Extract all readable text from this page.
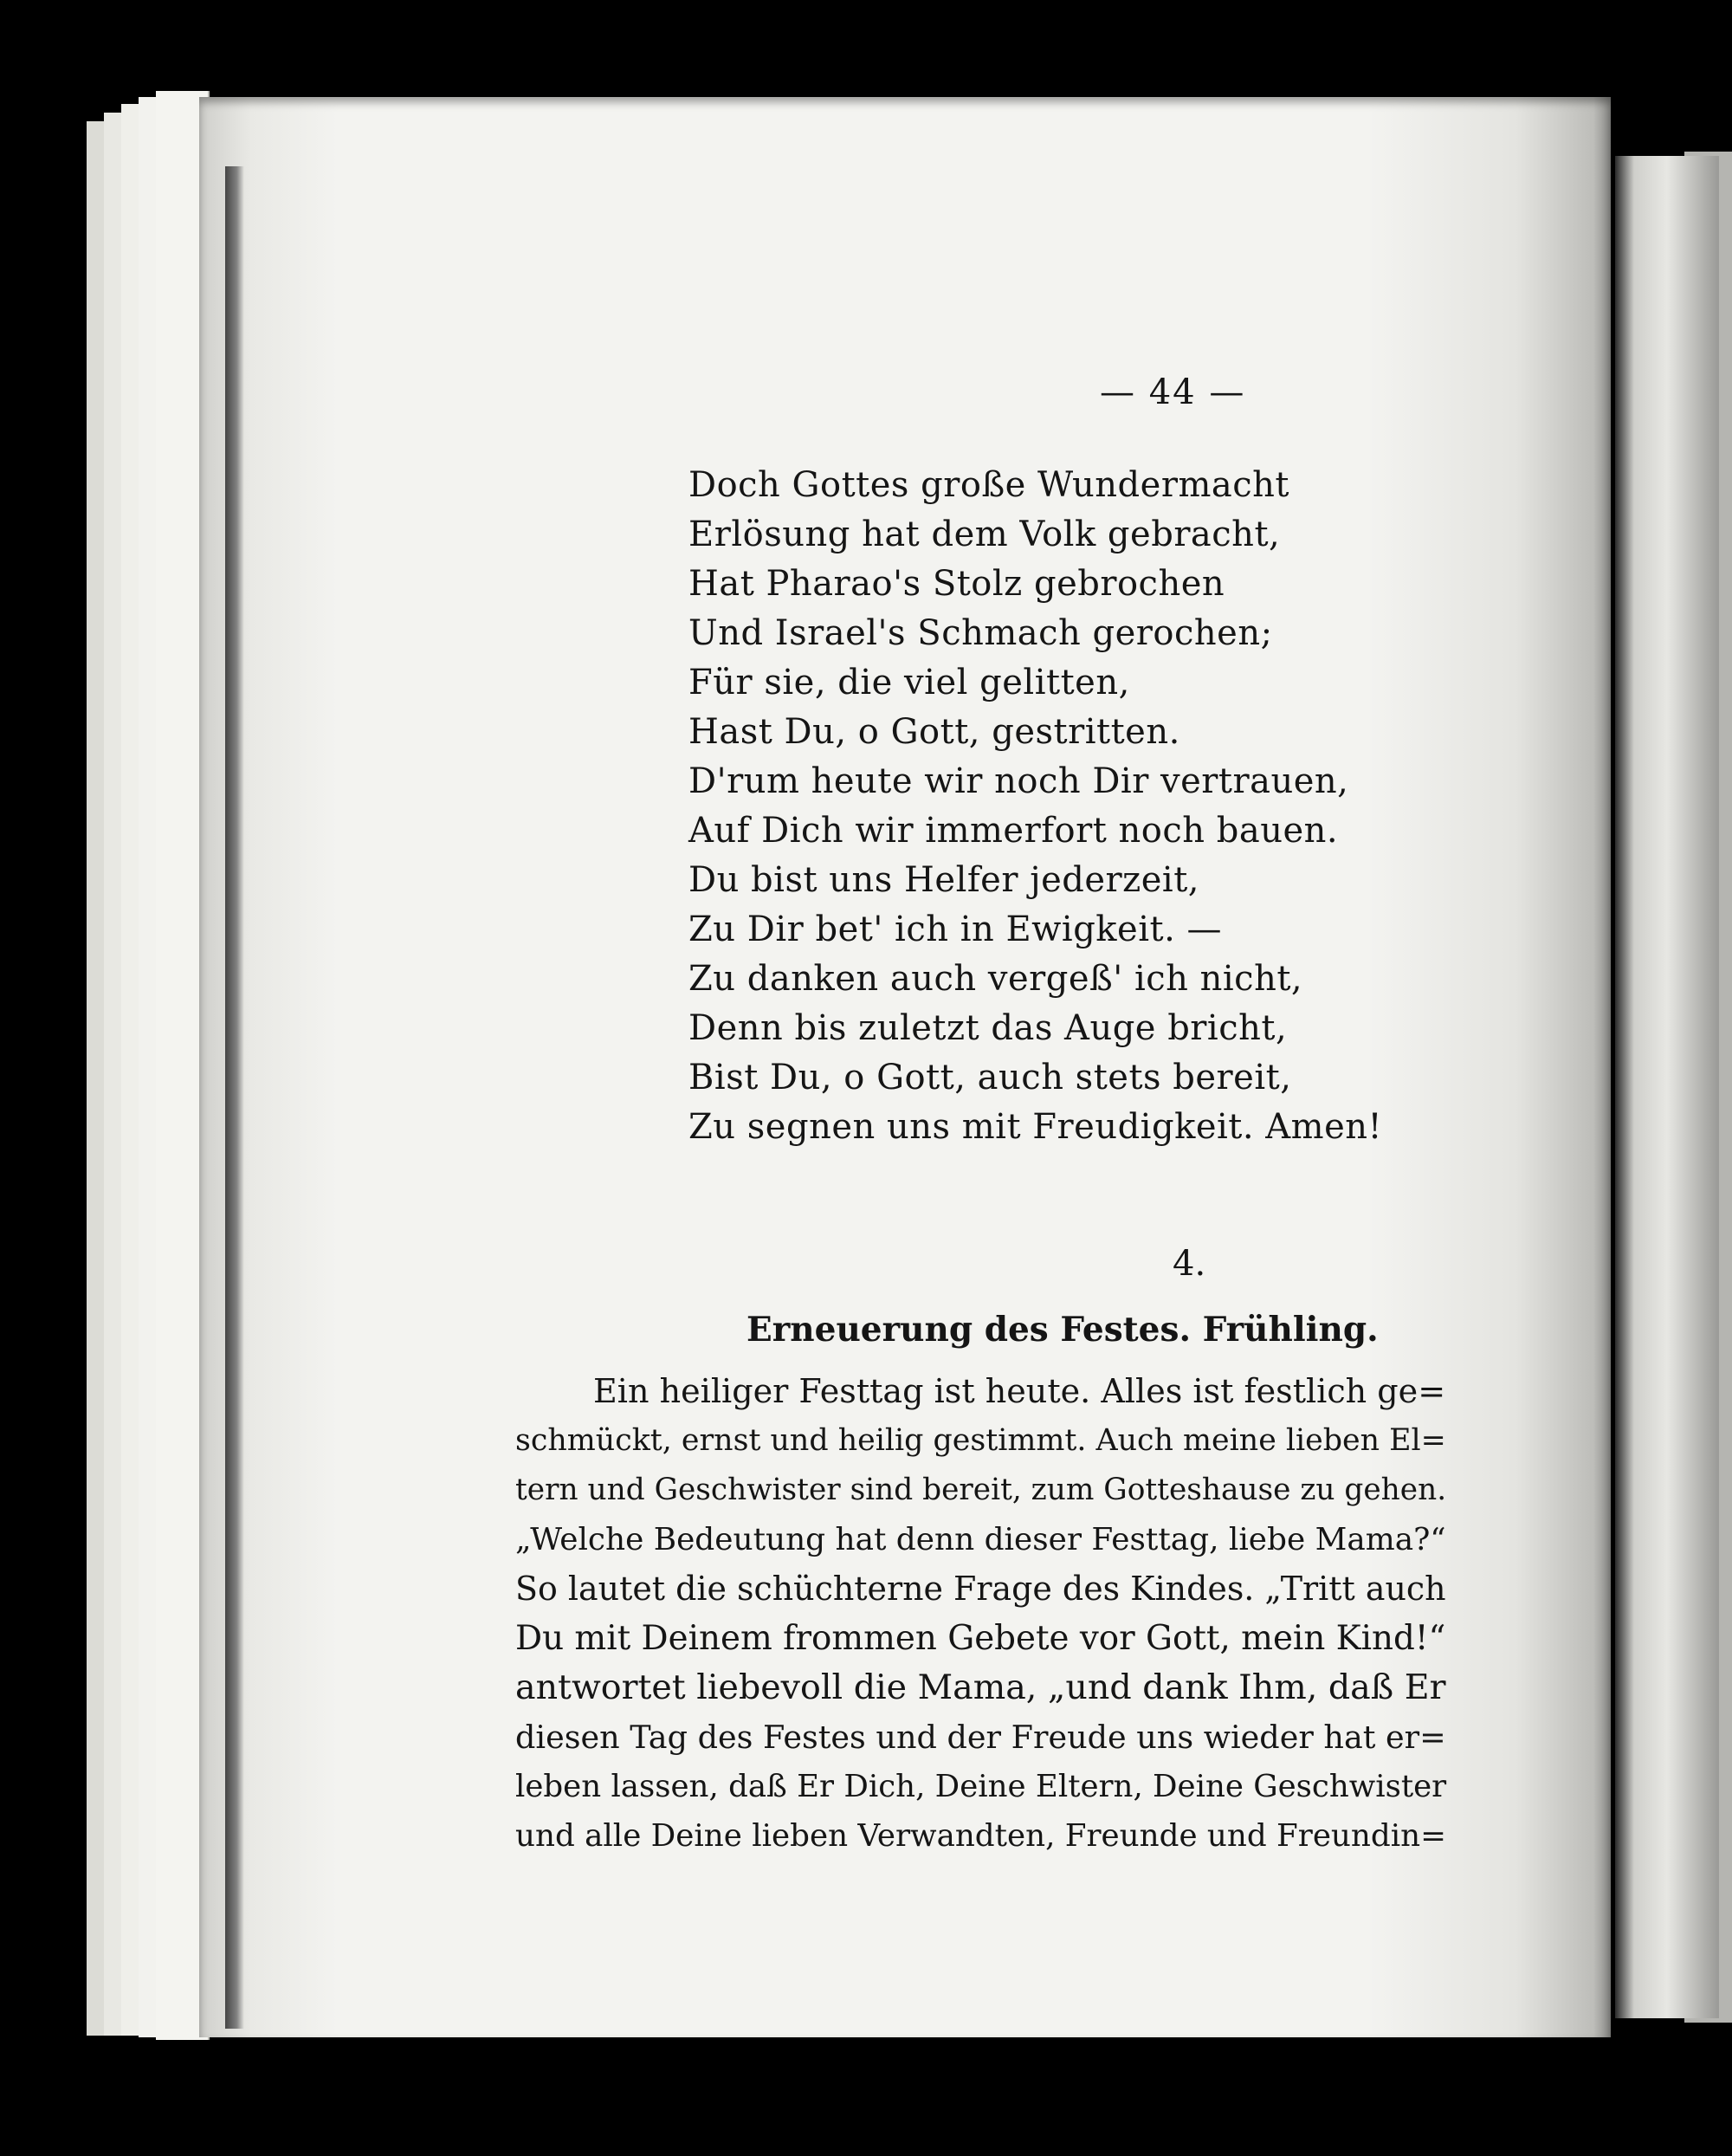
— 44 —
Doch Gottes große Wundermacht
Erlösung hat dem Volk gebracht,
Hat Pharao's Stolz gebrochen
Und Israel's Schmach gerochen;
Für sie, die viel gelitten,
Hast Du, o Gott, gestritten.
D'rum heute wir noch Dir vertrauen,
Auf Dich wir immerfort noch bauen.
Du bist uns Helfer jederzeit,
Zu Dir bet' ich in Ewigkeit. —
Zu danken auch vergeß' ich nicht,
Denn bis zuletzt das Auge bricht,
Bist Du, o Gott, auch stets bereit,
Zu segnen uns mit Freudigkeit. Amen!
4.
Erneuerung des Festes. Frühling.
Ein heiliger Festtag ist heute. Alles ist festlich ge=
schmückt, ernst und heilig gestimmt. Auch meine lieben El=
tern und Geschwister sind bereit, zum Gotteshause zu gehen.
„Welche Bedeutung hat denn dieser Festtag, liebe Mama?“
So lautet die schüchterne Frage des Kindes. „Tritt auch
Du mit Deinem frommen Gebete vor Gott, mein Kind!“
antwortet liebevoll die Mama, „und dank Ihm, daß Er
diesen Tag des Festes und der Freude uns wieder hat er=
leben lassen, daß Er Dich, Deine Eltern, Deine Geschwister
und alle Deine lieben Verwandten, Freunde und Freundin=
